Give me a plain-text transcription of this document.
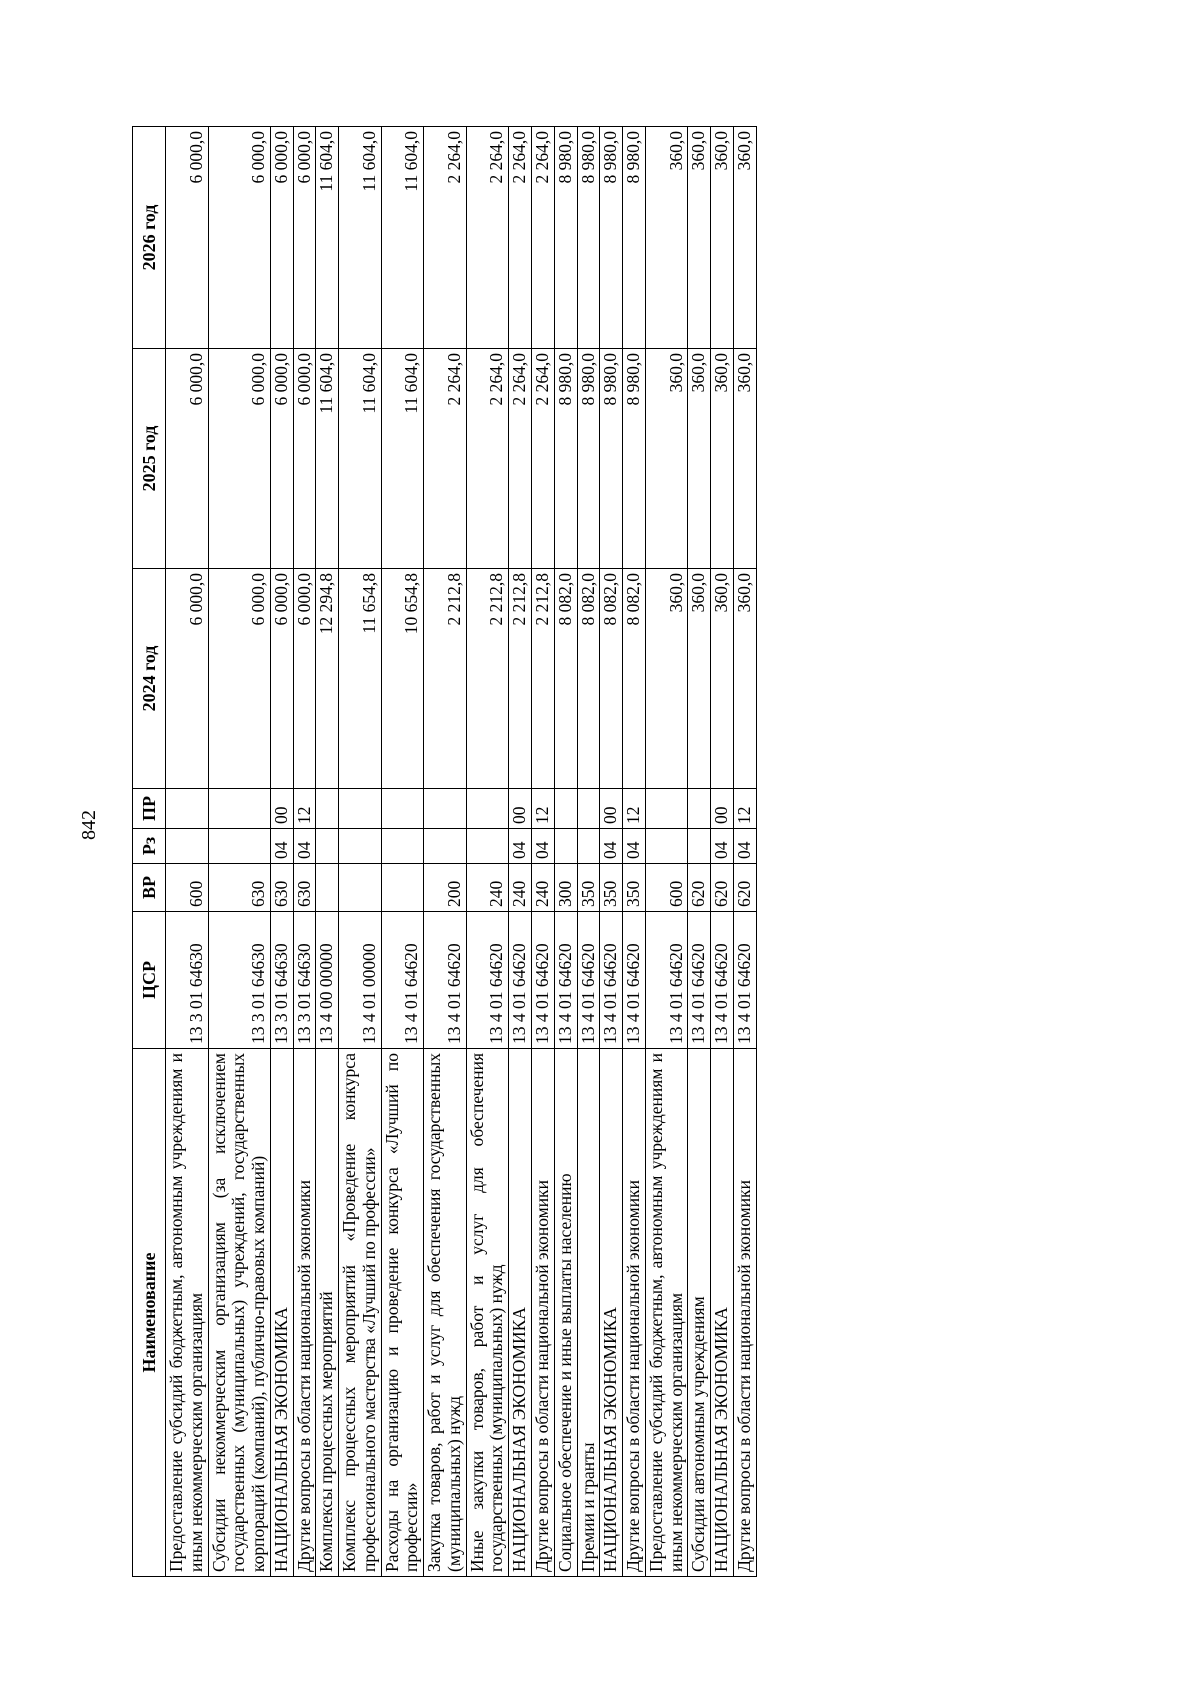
842
Наименование	ЦСР	ВР	Рз	ПР	2024 год	2025 год	2026 год
Предоставление субсидий бюджетным, автономным учреждениям и иным некоммерческим организациям	13 3 01 64630	600			6 000,0	6 000,0	6 000,0
Субсидии некоммерческим организациям (за исключением государственных (муниципальных) учреждений, государственных корпораций (компаний), публично-правовых компаний)	13 3 01 64630	630			6 000,0	6 000,0	6 000,0
НАЦИОНАЛЬНАЯ ЭКОНОМИКА	13 3 01 64630	630	04	00	6 000,0	6 000,0	6 000,0
Другие вопросы в области национальной экономики	13 3 01 64630	630	04	12	6 000,0	6 000,0	6 000,0
Комплексы процессных мероприятий	13 4 00 00000				12 294,8	11 604,0	11 604,0
Комплекс процессных мероприятий «Проведение конкурса профессионального мастерства «Лучший по профессии»	13 4 01 00000				11 654,8	11 604,0	11 604,0
Расходы на организацию и проведение конкурса «Лучший по профессии»	13 4 01 64620				10 654,8	11 604,0	11 604,0
Закупка товаров, работ и услуг для обеспечения государственных (муниципальных) нужд	13 4 01 64620	200			2 212,8	2 264,0	2 264,0
Иные закупки товаров, работ и услуг для обеспечения государственных (муниципальных) нужд	13 4 01 64620	240			2 212,8	2 264,0	2 264,0
НАЦИОНАЛЬНАЯ ЭКОНОМИКА	13 4 01 64620	240	04	00	2 212,8	2 264,0	2 264,0
Другие вопросы в области национальной экономики	13 4 01 64620	240	04	12	2 212,8	2 264,0	2 264,0
Социальное обеспечение и иные выплаты населению	13 4 01 64620	300			8 082,0	8 980,0	8 980,0
Премии и гранты	13 4 01 64620	350			8 082,0	8 980,0	8 980,0
НАЦИОНАЛЬНАЯ ЭКОНОМИКА	13 4 01 64620	350	04	00	8 082,0	8 980,0	8 980,0
Другие вопросы в области национальной экономики	13 4 01 64620	350	04	12	8 082,0	8 980,0	8 980,0
Предоставление субсидий бюджетным, автономным учреждениям и иным некоммерческим организациям	13 4 01 64620	600			360,0	360,0	360,0
Субсидии автономным учреждениям	13 4 01 64620	620			360,0	360,0	360,0
НАЦИОНАЛЬНАЯ ЭКОНОМИКА	13 4 01 64620	620	04	00	360,0	360,0	360,0
Другие вопросы в области национальной экономики	13 4 01 64620	620	04	12	360,0	360,0	360,0
